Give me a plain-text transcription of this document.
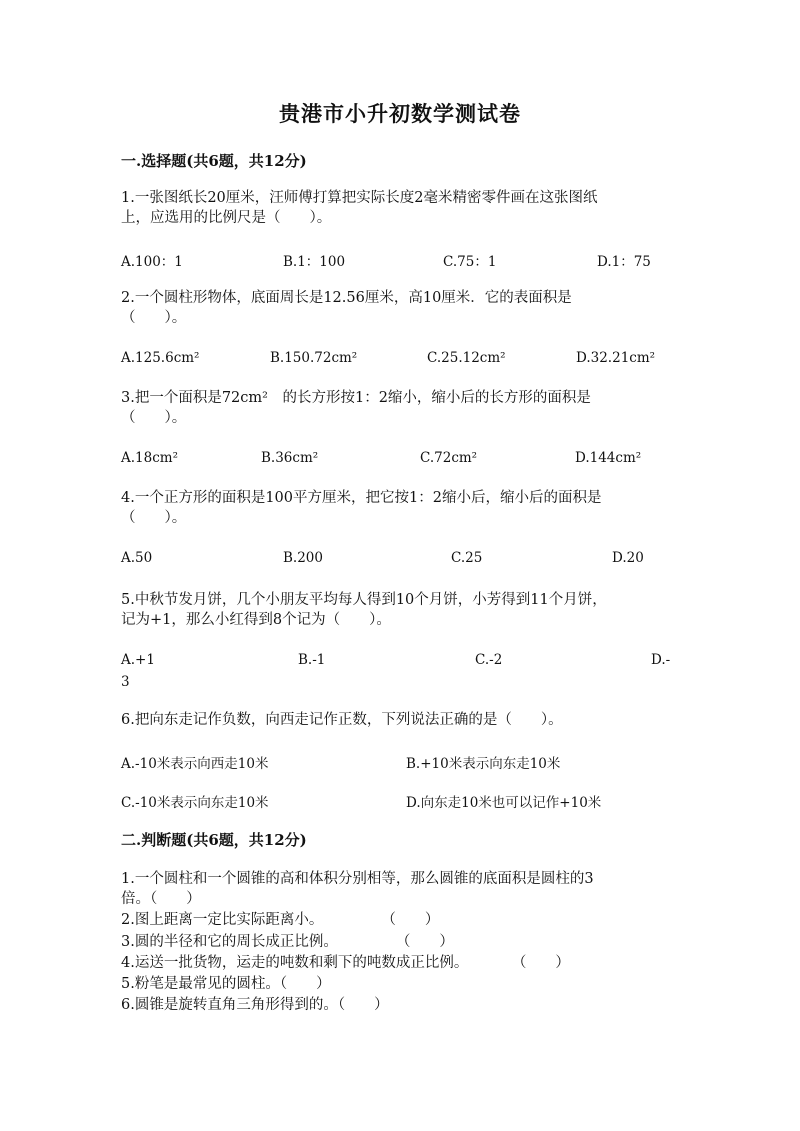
贵港市小升初数学测试卷
一.选择题(共6题，共12分)
1.一张图纸长20厘米，汪师傅打算把实际长度2毫米精密零件画在这张图纸
上，应选用的比例尺是（　　）。
A.100：1	B.1：100	C.75：1	D.1：75
2.一个圆柱形物体，底面周长是12.56厘米，高10厘米．它的表面积是
（　　）。
A.125.6cm²	B.150.72cm²	C.25.12cm²	D.32.21cm²
3.把一个面积是72cm²　的长方形按1：2缩小，缩小后的长方形的面积是
（　　）。
A.18cm²	B.36cm²	C.72cm²	D.144cm²
4.一个正方形的面积是100平方厘米，把它按1：2缩小后，缩小后的面积是
（　　）。
A.50	B.200	C.25	D.20
5.中秋节发月饼，几个小朋友平均每人得到10个月饼，小芳得到11个月饼，
记为+1，那么小红得到8个记为（　　）。
A.+1	B.-1	C.-2	D.-
3
6.把向东走记作负数，向西走记作正数，下列说法正确的是（　　）。
A.-10米表示向西走10米	B.+10米表示向东走10米
C.-10米表示向东走10米	D.向东走10米也可以记作+10米
二.判断题(共6题，共12分)
1.一个圆柱和一个圆锥的高和体积分别相等，那么圆锥的底面积是圆柱的3
倍。（　　）
2.图上距离一定比实际距离小。　　　　　（　　）
3.圆的半径和它的周长成正比例。　　　　　（　　）
4.运送一批货物，运走的吨数和剩下的吨数成正比例。　　　　（　　）
5.粉笔是最常见的圆柱。（　　）
6.圆锥是旋转直角三角形得到的。（　　）
